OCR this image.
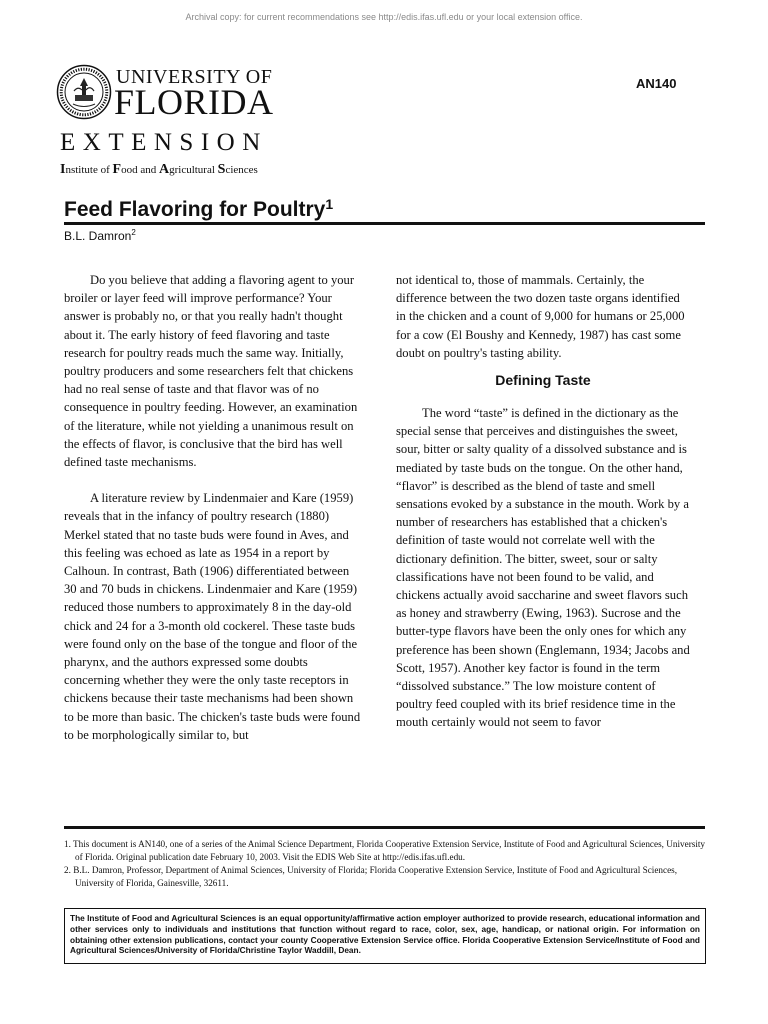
Archival copy: for current recommendations see http://edis.ifas.ufl.edu or your local extension office.
UNIVERSITY OF
FLORIDA
EXTENSION
Institute of Food and Agricultural Sciences
AN140
Feed Flavoring for Poultry$^1$
B.L. Damron$^2$

Do you believe that adding a flavoring agent to your broiler or layer feed will improve performance? Your answer is probably no, or that you really hadn't thought about it. The early history of feed flavoring and taste research for poultry reads much the same way. Initially, poultry producers and some researchers felt that chickens had no real sense of taste and that flavor was of no consequence in poultry feeding. However, an examination of the literature, while not yielding a unanimous result on the effects of flavor, is conclusive that the bird has well defined taste mechanisms.

A literature review by Lindenmaier and Kare (1959) reveals that in the infancy of poultry research (1880) Merkel stated that no taste buds were found in Aves, and this feeling was echoed as late as 1954 in a report by Calhoun. In contrast, Bath (1906) differentiated between 30 and 70 buds in chickens. Lindenmaier and Kare (1959) reduced those numbers to approximately 8 in the day-old chick and 24 for a 3-month old cockerel. These taste buds were found only on the base of the tongue and floor of the pharynx, and the authors expressed some doubts concerning whether they were the only taste receptors in chickens because their taste mechanisms had been shown to be more than basic. The chicken's taste buds were found to be morphologically similar to, but

not identical to, those of mammals. Certainly, the difference between the two dozen taste organs identified in the chicken and a count of 9,000 for humans or 25,000 for a cow (El Boushy and Kennedy, 1987) has cast some doubt on poultry's tasting ability.

Defining Taste

The word “taste” is defined in the dictionary as the special sense that perceives and distinguishes the sweet, sour, bitter or salty quality of a dissolved substance and is mediated by taste buds on the tongue. On the other hand, “flavor” is described as the blend of taste and smell sensations evoked by a substance in the mouth. Work by a number of researchers has established that a chicken's definition of taste would not correlate well with the dictionary definition. The bitter, sweet, sour or salty classifications have not been found to be valid, and chickens actually avoid saccharine and sweet flavors such as honey and strawberry (Ewing, 1963). Sucrose and the butter-type flavors have been the only ones for which any preference has been shown (Englemann, 1934; Jacobs and Scott, 1957). Another key factor is found in the term “dissolved substance.” The low moisture content of poultry feed coupled with its brief residence time in the mouth certainly would not seem to favor

1. This document is AN140, one of a series of the Animal Science Department, Florida Cooperative Extension Service, Institute of Food and Agricultural Sciences, University of Florida. Original publication date February 10, 2003. Visit the EDIS Web Site at http://edis.ifas.ufl.edu.
2. B.L. Damron, Professor, Department of Animal Sciences, University of Florida; Florida Cooperative Extension Service, Institute of Food and Agricultural Sciences, University of Florida, Gainesville, 32611.
The Institute of Food and Agricultural Sciences is an equal opportunity/affirmative action employer authorized to provide research, educational information and other services only to individuals and institutions that function without regard to race, color, sex, age, handicap, or national origin. For information on obtaining other extension publications, contact your county Cooperative Extension Service office. Florida Cooperative Extension Service/Institute of Food and Agricultural Sciences/University of Florida/Christine Taylor Waddill, Dean.
